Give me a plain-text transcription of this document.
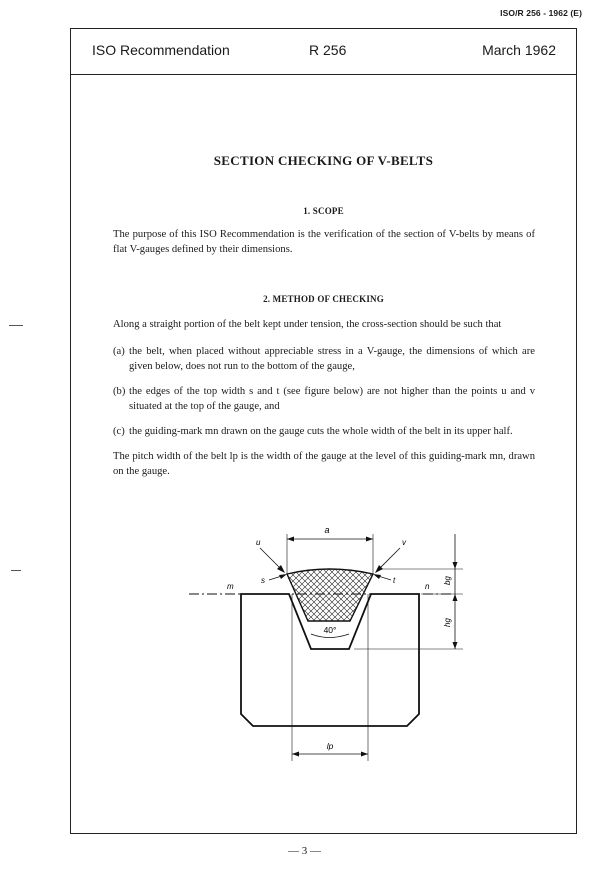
ISO/R 256 - 1962 (E)
ISO Recommendation	R 256	March 1962
SECTION CHECKING OF V-BELTS
1. SCOPE
The purpose of this ISO Recommendation is the verification of the section of V-belts by means of flat V-gauges defined by their dimensions.
2. METHOD OF CHECKING
Along a straight portion of the belt kept under tension, the cross-section should be such that
(a) the belt, when placed without appreciable stress in a V-gauge, the dimensions of which are given below, does not run to the bottom of the gauge,
(b) the edges of the top width s and t (see figure below) are not higher than the points u and v situated at the top of the gauge, and
(c) the guiding-mark mn drawn on the gauge cuts the whole width of the belt in its upper half.
The pitch width of the belt lp is the width of the gauge at the level of this guiding-mark mn, drawn on the gauge.
a
u	v
s	t
m	n
bg
hg
40°
lp
— 3 —
